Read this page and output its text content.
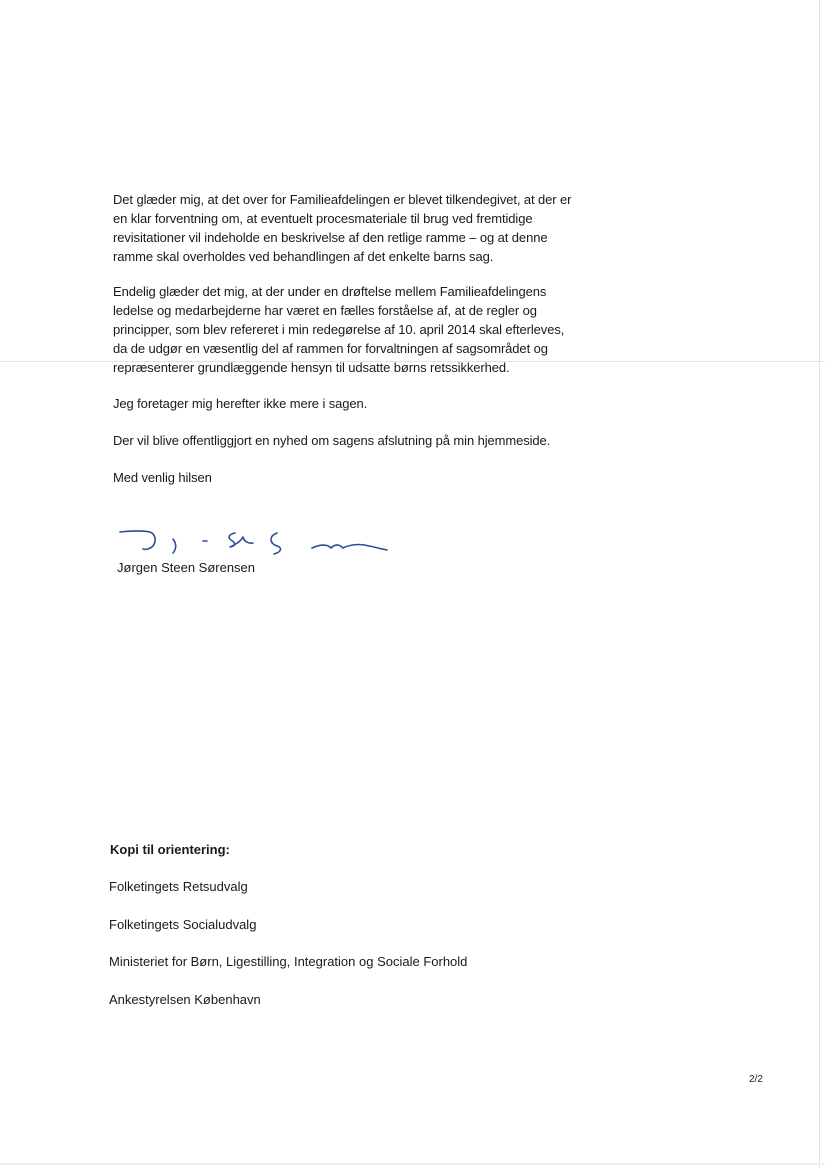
Det glæder mig, at det over for Familieafdelingen er blevet tilkendegivet, at der er en klar forventning om, at eventuelt procesmateriale til brug ved fremtidige revisitationer vil indeholde en beskrivelse af den retlige ramme – og at denne ramme skal overholdes ved behandlingen af det enkelte barns sag.

Endelig glæder det mig, at der under en drøftelse mellem Familieafdelingens ledelse og medarbejderne har været en fælles forståelse af, at de regler og principper, som blev refereret i min redegørelse af 10. april 2014 skal efterleves, da de udgør en væsentlig del af rammen for forvaltningen af sagsområdet og repræsenterer grundlæggende hensyn til udsatte børns retssikkerhed.

Jeg foretager mig herefter ikke mere i sagen.

Der vil blive offentliggjort en nyhed om sagens afslutning på min hjemmeside.

Med venlig hilsen

Jørgen Steen Sørensen

Kopi til orientering:

Folketingets Retsudvalg
Folketingets Socialudvalg
Ministeriet for Børn, Ligestilling, Integration og Sociale Forhold
Ankestyrelsen København

2/2
